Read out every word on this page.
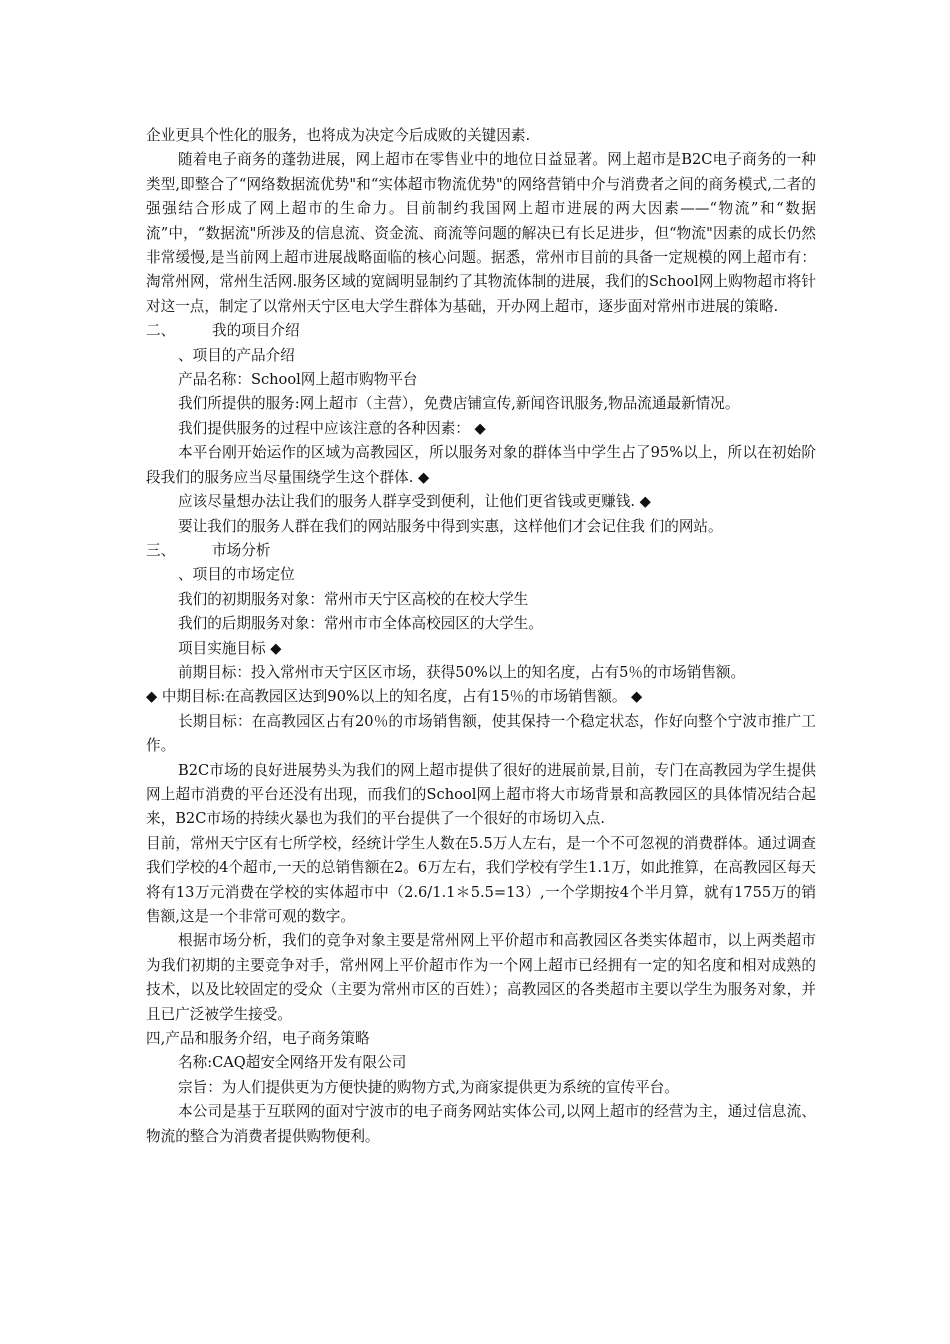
企业更具个性化的服务，也将成为决定今后成败的关键因素.

随着电子商务的蓬勃进展，网上超市在零售业中的地位日益显著。网上超市是B2C电子商务的一种类型,即整合了“网络数据流优势"和“实体超市物流优势"的网络营销中介与消费者之间的商务模式,二者的强强结合形成了网上超市的生命力。目前制约我国网上超市进展的两大因素——“物流”和“数据流”中，“数据流"所涉及的信息流、资金流、商流等问题的解决已有长足进步，但“物流"因素的成长仍然非常缓慢,是当前网上超市进展战略面临的核心问题。据悉，常州市目前的具备一定规模的网上超市有：淘常州网，常州生活网.服务区域的宽阔明显制约了其物流体制的进展，我们的School网上购物超市将针对这一点，制定了以常州天宁区电大学生群体为基础，开办网上超市，逐步面对常州市进展的策略.

二、	我的项目介绍

、项目的产品介绍

产品名称：School网上超市购物平台

我们所提供的服务:网上超市（主营），免费店铺宣传,新闻咨讯服务,物品流通最新情况。

我们提供服务的过程中应该注意的各种因素： ◆

本平台刚开始运作的区域为高教园区，所以服务对象的群体当中学生占了95%以上，所以在初始阶段我们的服务应当尽量围绕学生这个群体. ◆

应该尽量想办法让我们的服务人群享受到便利，让他们更省钱或更赚钱. ◆

要让我们的服务人群在我们的网站服务中得到实惠，这样他们才会记住我 们的网站。

三、	市场分析

、项目的市场定位

我们的初期服务对象：常州市天宁区高校的在校大学生

我们的后期服务对象：常州市市全体高校园区的大学生。

项目实施目标 ◆

前期目标：投入常州市天宁区区市场，获得50%以上的知名度，占有5％的市场销售额。

◆ 中期目标:在高教园区达到90%以上的知名度，占有15％的市场销售额。 ◆

长期目标：在高教园区占有20％的市场销售额，使其保持一个稳定状态，作好向整个宁波市推广工作。

B2C市场的良好进展势头为我们的网上超市提供了很好的进展前景,目前，专门在高教园为学生提供网上超市消费的平台还没有出现，而我们的School网上超市将大市场背景和高教园区的具体情况结合起来，B2C市场的持续火暴也为我们的平台提供了一个很好的市场切入点.

目前，常州天宁区有七所学校，经统计学生人数在5.5万人左右，是一个不可忽视的消费群体。通过调查我们学校的4个超市,一天的总销售额在2。6万左右，我们学校有学生1.1万，如此推算，在高教园区每天将有13万元消费在学校的实体超市中（2.6/1.1＊5.5=13）,一个学期按4个半月算，就有1755万的销售额,这是一个非常可观的数字。

根据市场分析，我们的竞争对象主要是常州网上平价超市和高教园区各类实体超市，以上两类超市为我们初期的主要竞争对手，常州网上平价超市作为一个网上超市已经拥有一定的知名度和相对成熟的技术，以及比较固定的受众（主要为常州市区的百姓）；高教园区的各类超市主要以学生为服务对象，并且已广泛被学生接受。

四,产品和服务介绍，电子商务策略

名称:CAQ超安全网络开发有限公司

宗旨：为人们提供更为方便快捷的购物方式,为商家提供更为系统的宣传平台。

本公司是基于互联网的面对宁波市的电子商务网站实体公司,以网上超市的经营为主，通过信息流、物流的整合为消费者提供购物便利。
